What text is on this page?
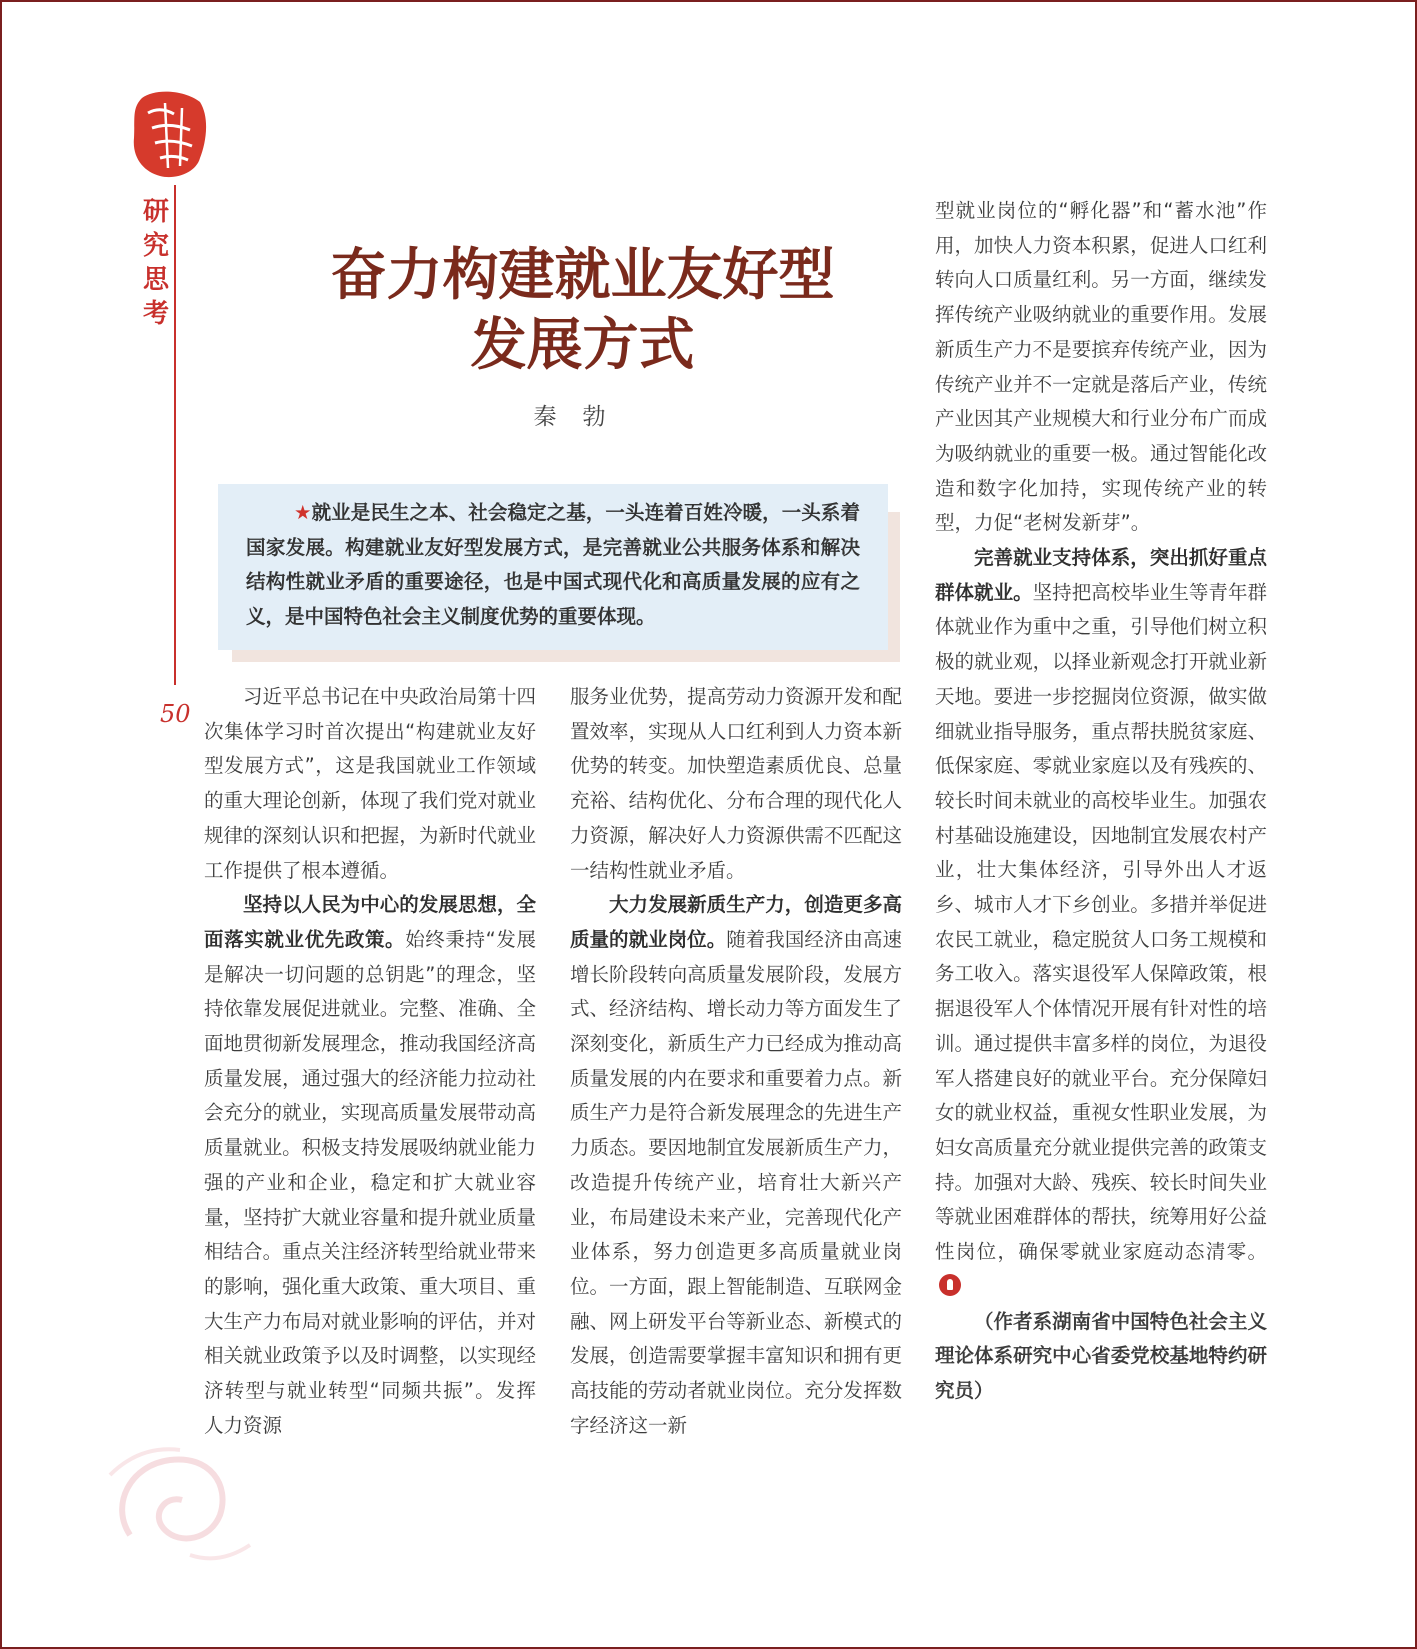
研究思考
50
奋力构建就业友好型
发展方式
秦勃
★就业是民生之本、社会稳定之基，一头连着百姓冷暖，一头系着国家发展。构建就业友好型发展方式，是完善就业公共服务体系和解决结构性就业矛盾的重要途径，也是中国式现代化和高质量发展的应有之义，是中国特色社会主义制度优势的重要体现。

习近平总书记在中央政治局第十四次集体学习时首次提出“构建就业友好型发展方式”，这是我国就业工作领域的重大理论创新，体现了我们党对就业规律的深刻认识和把握，为新时代就业工作提供了根本遵循。

坚持以人民为中心的发展思想，全面落实就业优先政策。始终秉持“发展是解决一切问题的总钥匙”的理念，坚持依靠发展促进就业。完整、准确、全面地贯彻新发展理念，推动我国经济高质量发展，通过强大的经济能力拉动社会充分的就业，实现高质量发展带动高质量就业。积极支持发展吸纳就业能力强的产业和企业，稳定和扩大就业容量，坚持扩大就业容量和提升就业质量相结合。重点关注经济转型给就业带来的影响，强化重大政策、重大项目、重大生产力布局对就业影响的评估，并对相关就业政策予以及时调整，以实现经济转型与就业转型“同频共振”。发挥人力资源

服务业优势，提高劳动力资源开发和配置效率，实现从人口红利到人力资本新优势的转变。加快塑造素质优良、总量充裕、结构优化、分布合理的现代化人力资源，解决好人力资源供需不匹配这一结构性就业矛盾。

大力发展新质生产力，创造更多高质量的就业岗位。随着我国经济由高速增长阶段转向高质量发展阶段，发展方式、经济结构、增长动力等方面发生了深刻变化，新质生产力已经成为推动高质量发展的内在要求和重要着力点。新质生产力是符合新发展理念的先进生产力质态。要因地制宜发展新质生产力，改造提升传统产业，培育壮大新兴产业，布局建设未来产业，完善现代化产业体系，努力创造更多高质量就业岗位。一方面，跟上智能制造、互联网金融、网上研发平台等新业态、新模式的发展，创造需要掌握丰富知识和拥有更高技能的劳动者就业岗位。充分发挥数字经济这一新

型就业岗位的“孵化器”和“蓄水池”作用，加快人力资本积累，促进人口红利转向人口质量红利。另一方面，继续发挥传统产业吸纳就业的重要作用。发展新质生产力不是要摈弃传统产业，因为传统产业并不一定就是落后产业，传统产业因其产业规模大和行业分布广而成为吸纳就业的重要一极。通过智能化改造和数字化加持，实现传统产业的转型，力促“老树发新芽”。

完善就业支持体系，突出抓好重点群体就业。坚持把高校毕业生等青年群体就业作为重中之重，引导他们树立积极的就业观，以择业新观念打开就业新天地。要进一步挖掘岗位资源，做实做细就业指导服务，重点帮扶脱贫家庭、低保家庭、零就业家庭以及有残疾的、较长时间未就业的高校毕业生。加强农村基础设施建设，因地制宜发展农村产业，壮大集体经济，引导外出人才返乡、城市人才下乡创业。多措并举促进农民工就业，稳定脱贫人口务工规模和务工收入。落实退役军人保障政策，根据退役军人个体情况开展有针对性的培训。通过提供丰富多样的岗位，为退役军人搭建良好的就业平台。充分保障妇女的就业权益，重视女性职业发展，为妇女高质量充分就业提供完善的政策支持。加强对大龄、残疾、较长时间失业等就业困难群体的帮扶，统筹用好公益性岗位，确保零就业家庭动态清零。

（作者系湖南省中国特色社会主义理论体系研究中心省委党校基地特约研究员）
